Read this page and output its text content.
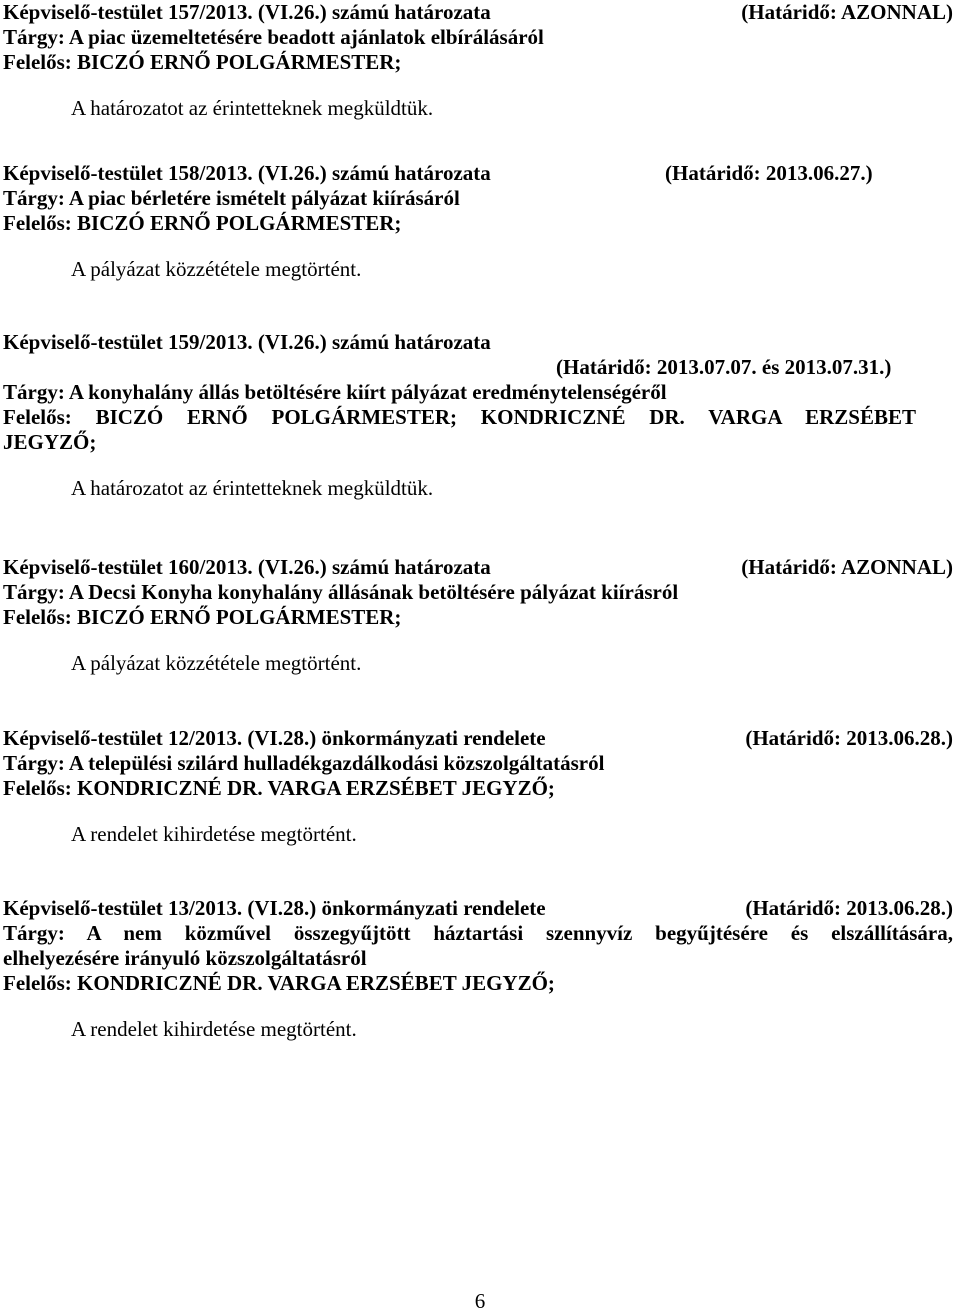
Képviselő-testület 157/2013. (VI.26.) számú határozata	(Határidő: AZONNAL)
Tárgy: A piac üzemeltetésére beadott ajánlatok elbírálásáról
Felelős: BICZÓ ERNŐ POLGÁRMESTER;
A határozatot az érintetteknek megküldtük.
Képviselő-testület 158/2013. (VI.26.) számú határozata	(Határidő: 2013.06.27.)
Tárgy: A piac bérletére ismételt pályázat kiírásáról
Felelős: BICZÓ ERNŐ POLGÁRMESTER;
A pályázat közzététele megtörtént.
Képviselő-testület 159/2013. (VI.26.) számú határozata
(Határidő: 2013.07.07. és 2013.07.31.)
Tárgy: A konyhalány állás betöltésére kiírt pályázat eredménytelenségéről
Felelős: BICZÓ ERNŐ POLGÁRMESTER; KONDRICZNÉ DR. VARGA ERZSÉBET
JEGYZŐ;
A határozatot az érintetteknek megküldtük.
Képviselő-testület 160/2013. (VI.26.) számú határozata	(Határidő: AZONNAL)
Tárgy: A Decsi Konyha konyhalány állásának betöltésére pályázat kiírásról
Felelős: BICZÓ ERNŐ POLGÁRMESTER;
A pályázat közzététele megtörtént.
Képviselő-testület 12/2013. (VI.28.) önkormányzati rendelete	(Határidő: 2013.06.28.)
Tárgy: A települési szilárd hulladékgazdálkodási közszolgáltatásról
Felelős: KONDRICZNÉ DR. VARGA ERZSÉBET JEGYZŐ;
A rendelet kihirdetése megtörtént.
Képviselő-testület 13/2013. (VI.28.) önkormányzati rendelete	(Határidő: 2013.06.28.)
Tárgy: A nem közművel összegyűjtött háztartási szennyvíz begyűjtésére és elszállítására,
elhelyezésére irányuló közszolgáltatásról
Felelős: KONDRICZNÉ DR. VARGA ERZSÉBET JEGYZŐ;
A rendelet kihirdetése megtörtént.
6
